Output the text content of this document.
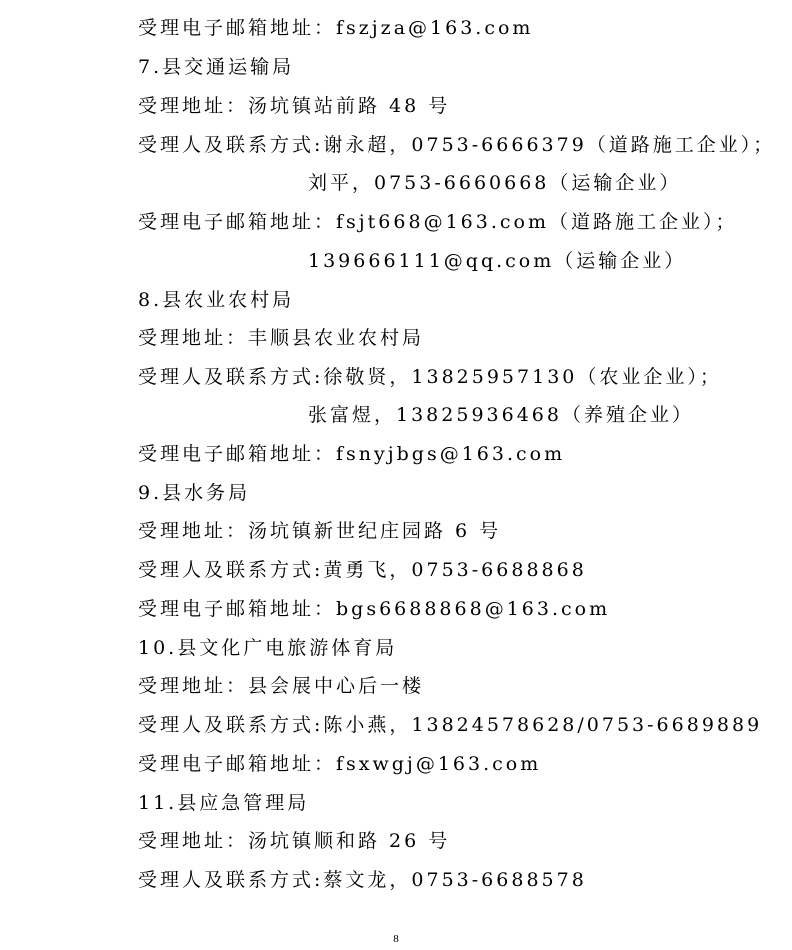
受理电子邮箱地址：fszjza@163.com
7.县交通运输局
受理地址：汤坑镇站前路 48 号
受理人及联系方式:谢永超，0753-6666379（道路施工企业）；
刘平，0753-6660668（运输企业）
受理电子邮箱地址：fsjt668@163.com（道路施工企业）；
139666111@qq.com（运输企业）
8.县农业农村局
受理地址：丰顺县农业农村局
受理人及联系方式:徐敬贤，13825957130（农业企业）；
张富煜，13825936468（养殖企业）
受理电子邮箱地址：fsnyjbgs@163.com
9.县水务局
受理地址：汤坑镇新世纪庄园路 6 号
受理人及联系方式:黄勇飞，0753-6688868
受理电子邮箱地址：bgs6688868@163.com
10.县文化广电旅游体育局
受理地址：县会展中心后一楼
受理人及联系方式:陈小燕，13824578628/0753-6689889
受理电子邮箱地址：fsxwgj@163.com
11.县应急管理局
受理地址：汤坑镇顺和路 26 号
受理人及联系方式:蔡文龙，0753-6688578
8
